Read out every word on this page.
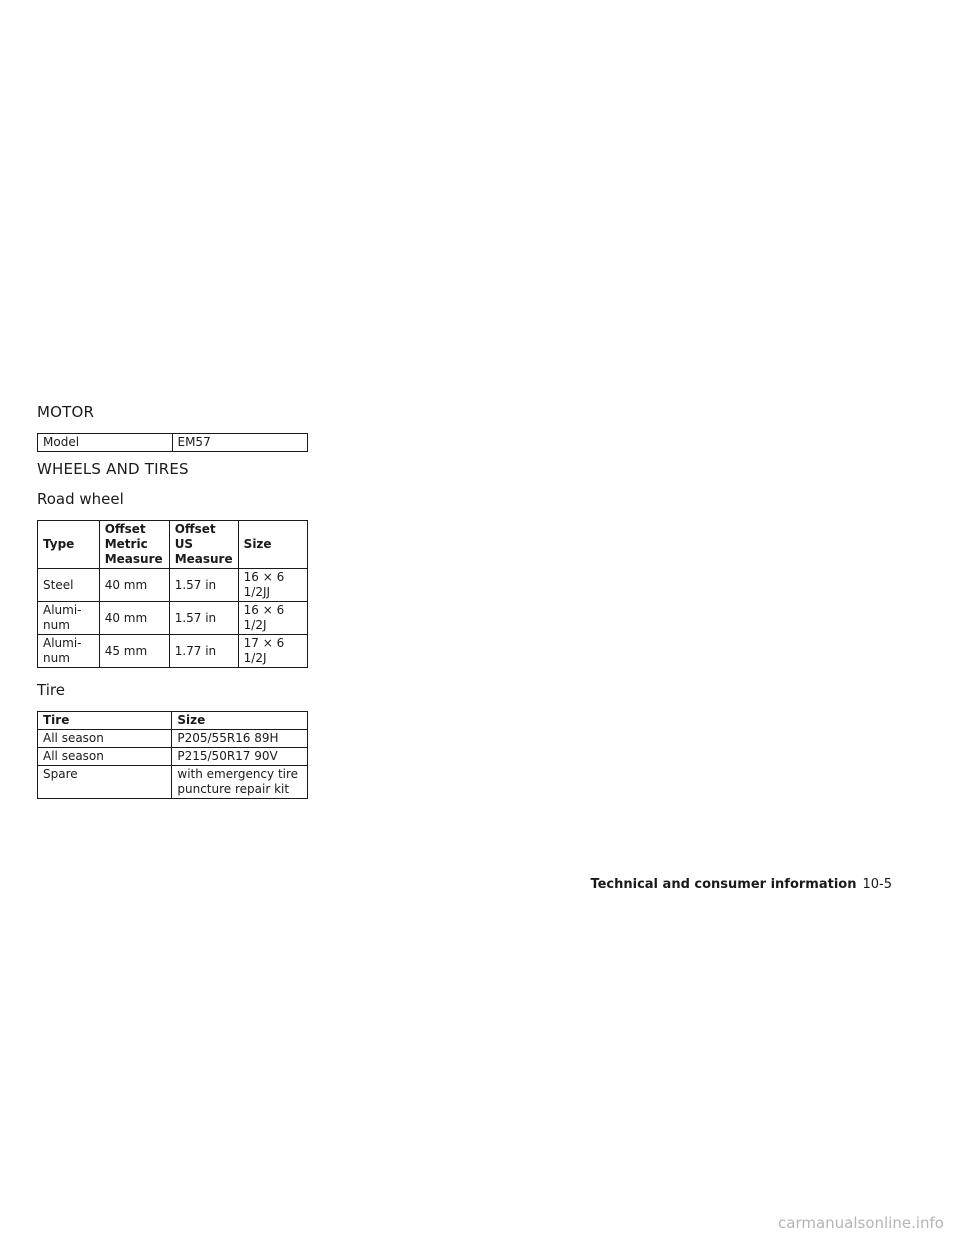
MOTOR
Model	EM57
WHEELS AND TIRES
Road wheel
Type	Offset Metric Measure	Offset US Measure	Size
Steel	40 mm	1.57 in	16 × 6 1/2JJ
Alumi-num	40 mm	1.57 in	16 × 6 1/2J
Alumi-num	45 mm	1.77 in	17 × 6 1/2J
Tire
Tire	Size
All season	P205/55R16 89H
All season	P215/50R17 90V
Spare	with emergency tire puncture repair kit
Technical and consumer information 10-5
carmanualsonline.info
